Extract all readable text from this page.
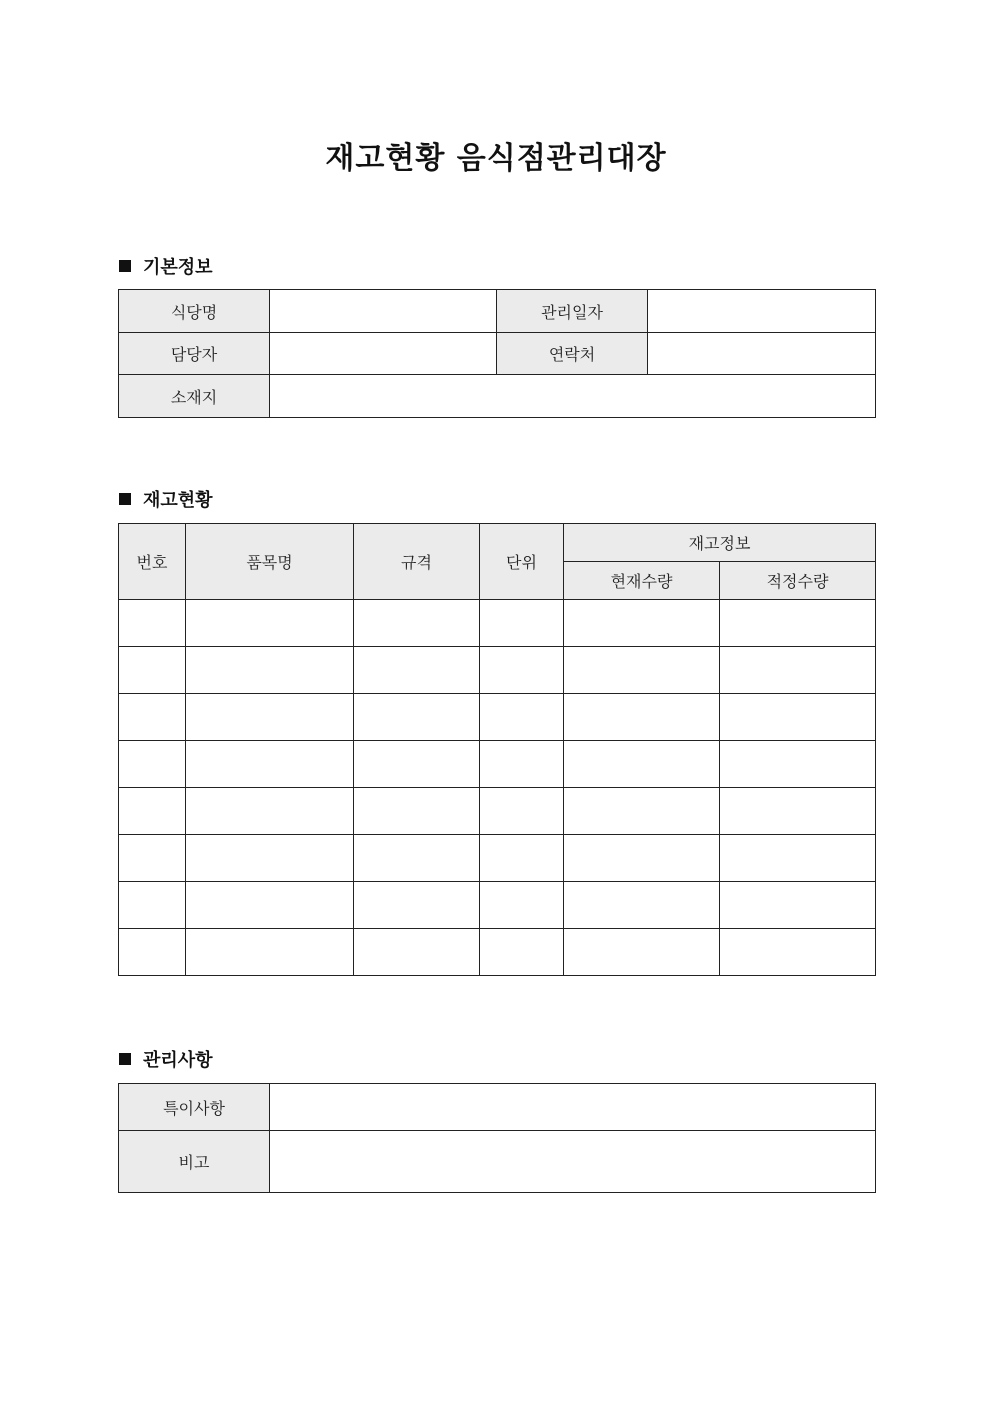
재고현황 음식점관리대장
기본정보
식당명		관리일자	
담당자		연락처	
소재지			
재고현황
번호	품목명	규격	단위	재고정보	
				현재수량	적정수량

관리사항
특이사항	
비고	
